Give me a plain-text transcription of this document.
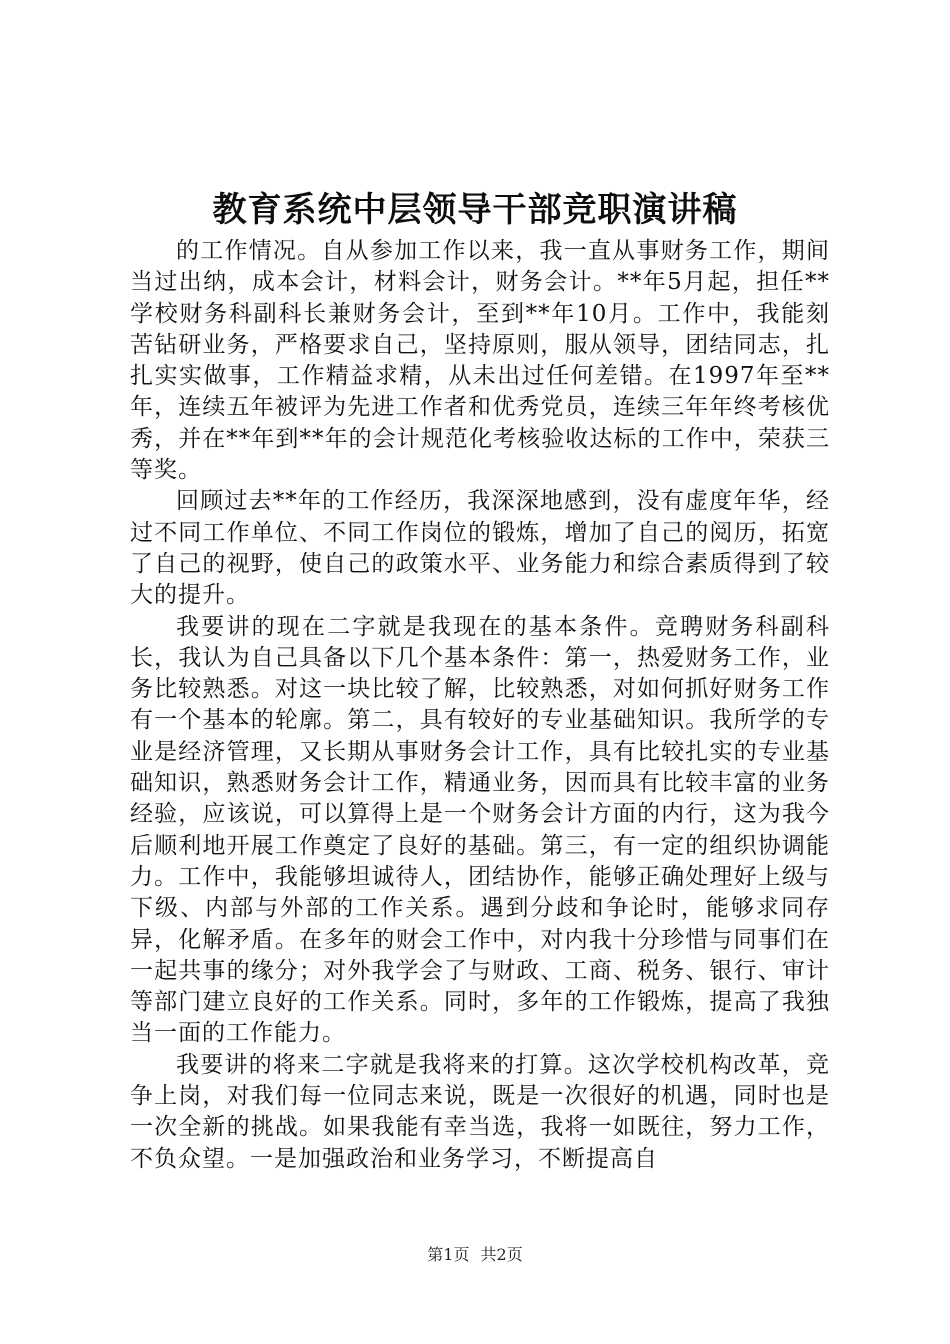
教育系统中层领导干部竞职演讲稿

的工作情况。自从参加工作以来，我一直从事财务工作，期间当过出纳，成本会计，材料会计，财务会计。**年5月起，担任**学校财务科副科长兼财务会计，至到**年10月。工作中，我能刻苦钻研业务，严格要求自己，坚持原则，服从领导，团结同志，扎扎实实做事，工作精益求精，从未出过任何差错。在1997年至**年，连续五年被评为先进工作者和优秀党员，连续三年年终考核优秀，并在**年到**年的会计规范化考核验收达标的工作中，荣获三等奖。

回顾过去**年的工作经历，我深深地感到，没有虚度年华，经过不同工作单位、不同工作岗位的锻炼，增加了自己的阅历，拓宽了自己的视野，使自己的政策水平、业务能力和综合素质得到了较大的提升。

我要讲的现在二字就是我现在的基本条件。竞聘财务科副科长，我认为自己具备以下几个基本条件：第一，热爱财务工作，业务比较熟悉。对这一块比较了解，比较熟悉，对如何抓好财务工作有一个基本的轮廓。第二，具有较好的专业基础知识。我所学的专业是经济管理，又长期从事财务会计工作，具有比较扎实的专业基础知识，熟悉财务会计工作，精通业务，因而具有比较丰富的业务经验，应该说，可以算得上是一个财务会计方面的内行，这为我今后顺利地开展工作奠定了良好的基础。第三，有一定的组织协调能力。工作中，我能够坦诚待人，团结协作，能够正确处理好上级与下级、内部与外部的工作关系。遇到分歧和争论时，能够求同存异，化解矛盾。在多年的财会工作中，对内我十分珍惜与同事们在一起共事的缘分；对外我学会了与财政、工商、税务、银行、审计等部门建立良好的工作关系。同时，多年的工作锻炼，提高了我独当一面的工作能力。

我要讲的将来二字就是我将来的打算。这次学校机构改革，竞争上岗，对我们每一位同志来说，既是一次很好的机遇，同时也是一次全新的挑战。如果我能有幸当选，我将一如既往，努力工作，不负众望。一是加强政治和业务学习，不断提高自

第1页 共2页
